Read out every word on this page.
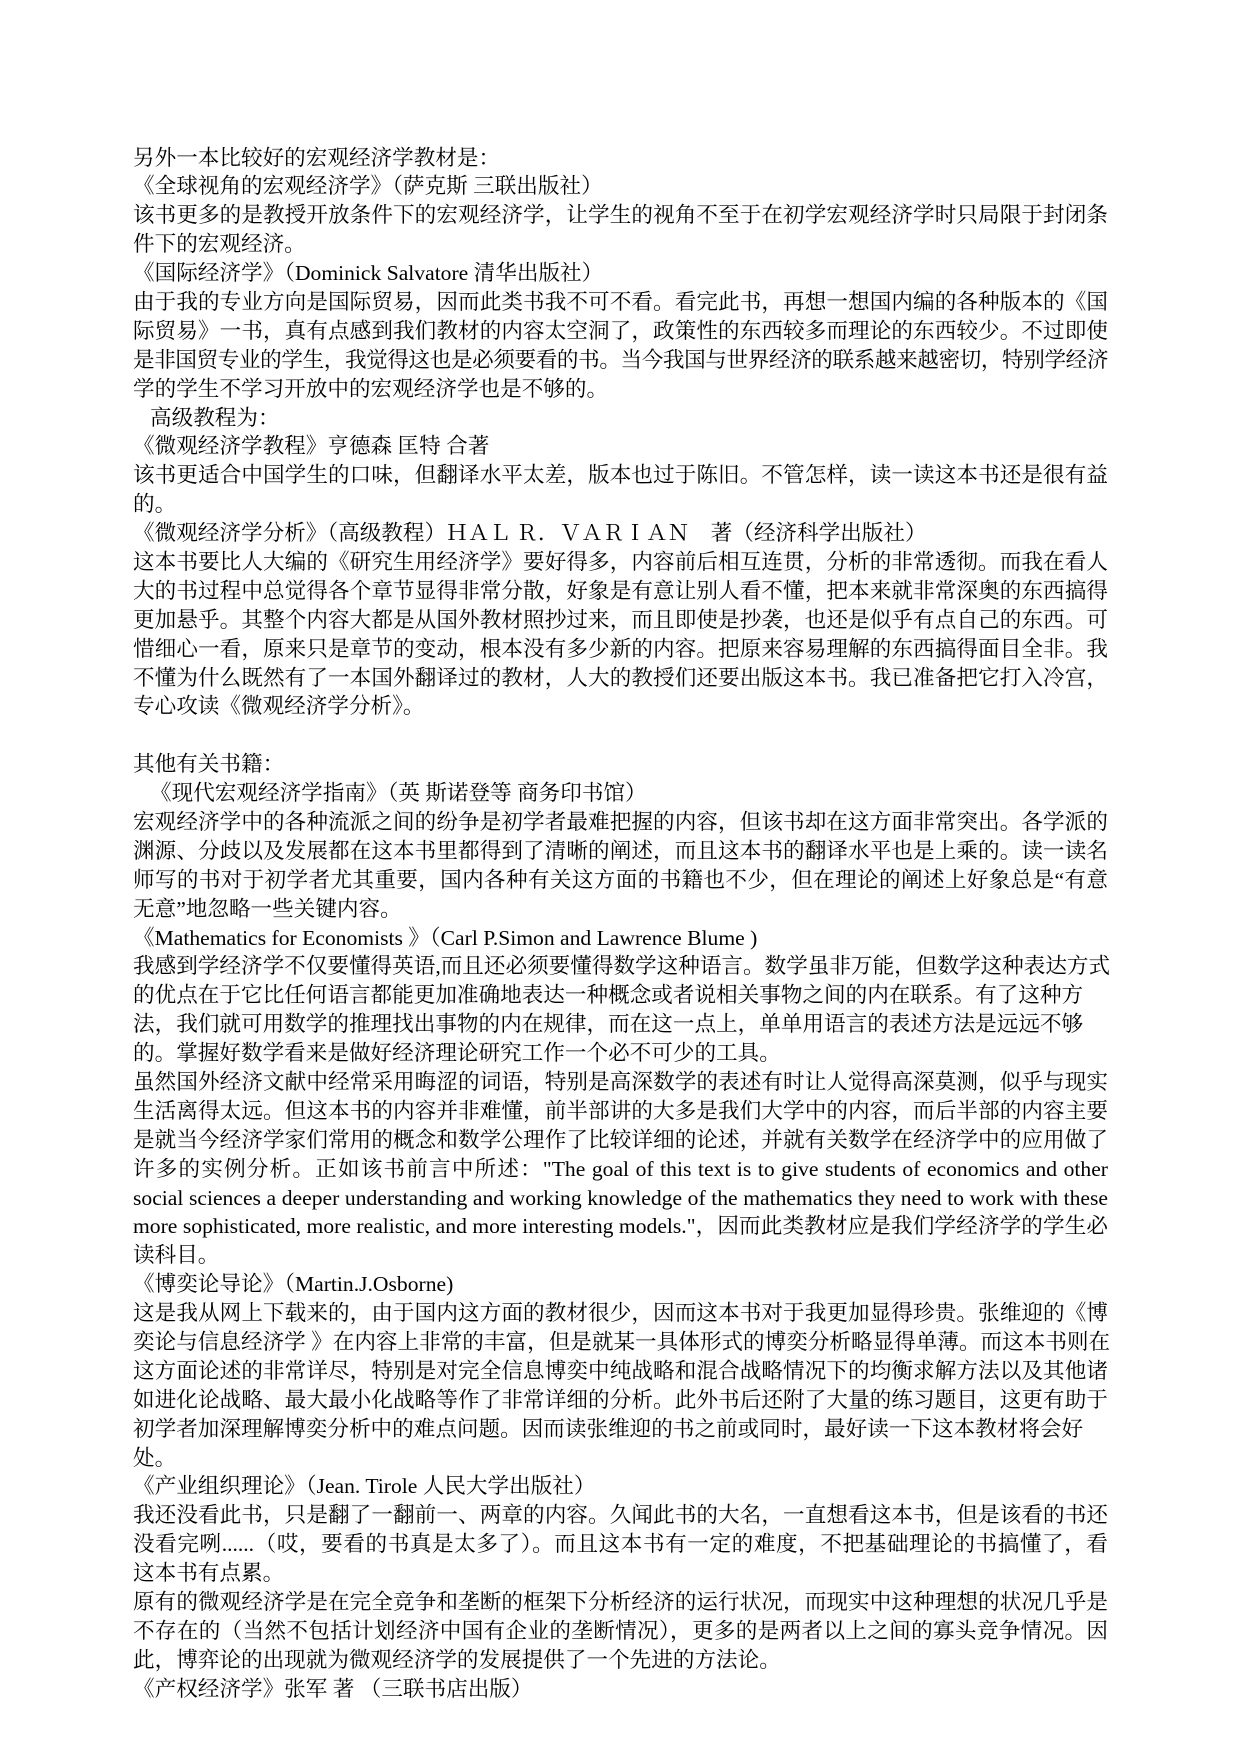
另外一本比较好的宏观经济学教材是：
《全球视角的宏观经济学》（萨克斯 三联出版社）
该书更多的是教授开放条件下的宏观经济学，让学生的视角不至于在初学宏观经济学时只局限于封闭条
件下的宏观经济。
《国际经济学》（Dominick Salvatore 清华出版社）
由于我的专业方向是国际贸易，因而此类书我不可不看。看完此书，再想一想国内编的各种版本的《国
际贸易》一书，真有点感到我们教材的内容太空洞了，政策性的东西较多而理论的东西较少。不过即使
是非国贸专业的学生，我觉得这也是必须要看的书。当今我国与世界经济的联系越来越密切，特别学经济
学的学生不学习开放中的宏观经济学也是不够的。
高级教程为：
《微观经济学教程》亨德森 匡特 合著
该书更适合中国学生的口味，但翻译水平太差，版本也过于陈旧。不管怎样，读一读这本书还是很有益
的。
《微观经济学分析》（高级教程）ＨＡＬ Ｒ．ＶＡＲＩＡＮ　著（经济科学出版社）
这本书要比人大编的《研究生用经济学》要好得多，内容前后相互连贯，分析的非常透彻。而我在看人
大的书过程中总觉得各个章节显得非常分散，好象是有意让别人看不懂，把本来就非常深奥的东西搞得
更加悬乎。其整个内容大都是从国外教材照抄过来，而且即使是抄袭，也还是似乎有点自己的东西。可
惜细心一看，原来只是章节的变动，根本没有多少新的内容。把原来容易理解的东西搞得面目全非。我
不懂为什么既然有了一本国外翻译过的教材，人大的教授们还要出版这本书。我已准备把它打入冷宫，
专心攻读《微观经济学分析》。
其他有关书籍：
《现代宏观经济学指南》（英 斯诺登等 商务印书馆）
宏观经济学中的各种流派之间的纷争是初学者最难把握的内容，但该书却在这方面非常突出。各学派的
渊源、分歧以及发展都在这本书里都得到了清晰的阐述，而且这本书的翻译水平也是上乘的。读一读名
师写的书对于初学者尤其重要，国内各种有关这方面的书籍也不少，但在理论的阐述上好象总是“有意
无意”地忽略一些关键内容。
《Mathematics for Economists 》（Carl P.Simon and Lawrence Blume )
我感到学经济学不仅要懂得英语,而且还必须要懂得数学这种语言。数学虽非万能，但数学这种表达方式
的优点在于它比任何语言都能更加准确地表达一种概念或者说相关事物之间的内在联系。有了这种方
法，我们就可用数学的推理找出事物的内在规律，而在这一点上，单单用语言的表述方法是远远不够
的。掌握好数学看来是做好经济理论研究工作一个必不可少的工具。
虽然国外经济文献中经常采用晦涩的词语，特别是高深数学的表述有时让人觉得高深莫测，似乎与现实
生活离得太远。但这本书的内容并非难懂，前半部讲的大多是我们大学中的内容，而后半部的内容主要
是就当今经济学家们常用的概念和数学公理作了比较详细的论述，并就有关数学在经济学中的应用做了
许多的实例分析。正如该书前言中所述："The goal of this text is to give students of economics and other
social sciences a deeper understanding and working knowledge of the mathematics they need to work with these
more sophisticated, more realistic, and more interesting models."，因而此类教材应是我们学经济学的学生必
读科目。
《博奕论导论》（Martin.J.Osborne)
这是我从网上下载来的，由于国内这方面的教材很少，因而这本书对于我更加显得珍贵。张维迎的《博
奕论与信息经济学 》在内容上非常的丰富，但是就某一具体形式的博奕分析略显得单薄。而这本书则在
这方面论述的非常详尽，特别是对完全信息博奕中纯战略和混合战略情况下的均衡求解方法以及其他诸
如进化论战略、最大最小化战略等作了非常详细的分析。此外书后还附了大量的练习题目，这更有助于
初学者加深理解博奕分析中的难点问题。因而读张维迎的书之前或同时，最好读一下这本教材将会好
处。
《产业组织理论》（Jean. Tirole 人民大学出版社）
我还没看此书，只是翻了一翻前一、两章的内容。久闻此书的大名，一直想看这本书，但是该看的书还
没看完咧......（哎，要看的书真是太多了）。而且这本书有一定的难度，不把基础理论的书搞懂了，看
这本书有点累。
原有的微观经济学是在完全竞争和垄断的框架下分析经济的运行状况，而现实中这种理想的状况几乎是
不存在的（当然不包括计划经济中国有企业的垄断情况），更多的是两者以上之间的寡头竞争情况。因
此，博弈论的出现就为微观经济学的发展提供了一个先进的方法论。
《产权经济学》张军 著 （三联书店出版）
